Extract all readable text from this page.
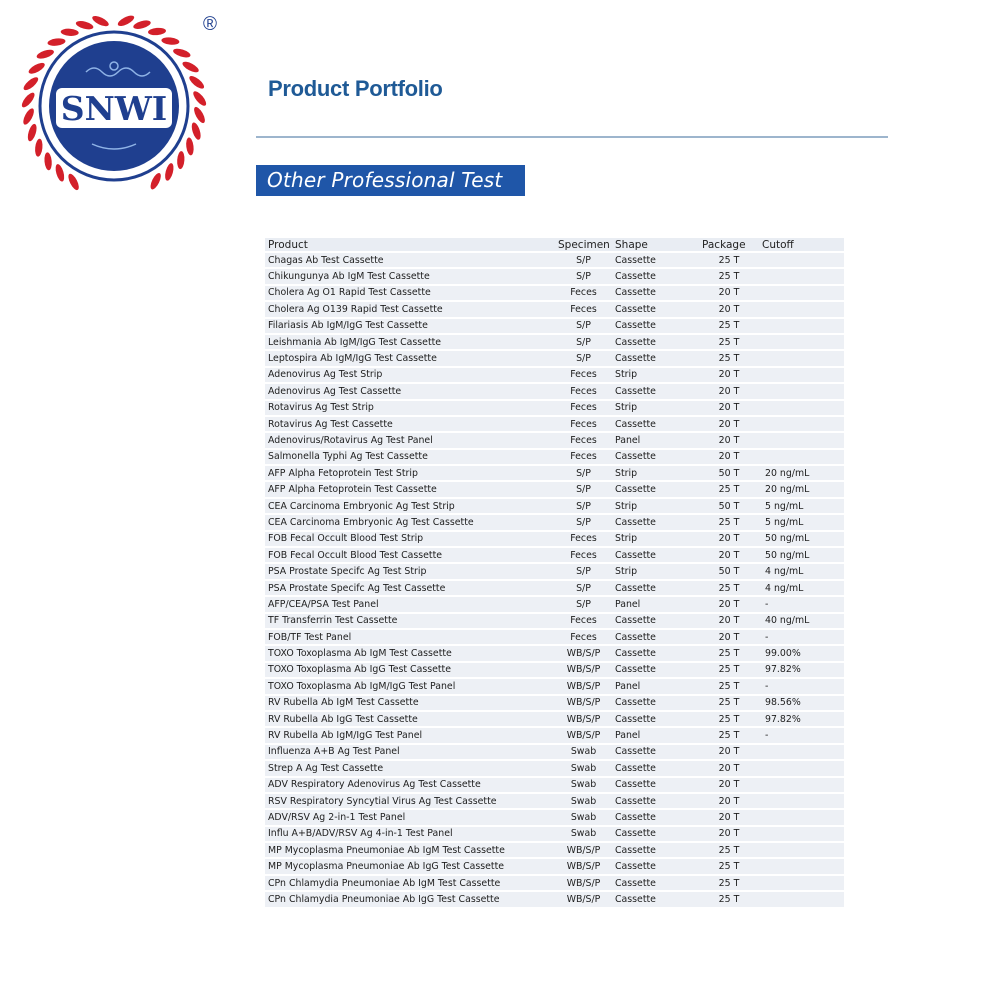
SNWI
®
Product Portfolio
Other Professional Test
Product	Specimen	Shape	Package	Cutoff
Chagas Ab Test Cassette	S/P	Cassette	25 T	
Chikungunya Ab IgM Test Cassette	S/P	Cassette	25 T	
Cholera Ag O1 Rapid Test Cassette	Feces	Cassette	20 T	
Cholera Ag O139 Rapid Test Cassette	Feces	Cassette	20 T	
Filariasis Ab IgM/IgG Test Cassette	S/P	Cassette	25 T	
Leishmania Ab IgM/IgG Test Cassette	S/P	Cassette	25 T	
Leptospira Ab IgM/IgG Test Cassette	S/P	Cassette	25 T	
Adenovirus Ag Test Strip	Feces	Strip	20 T	
Adenovirus Ag Test Cassette	Feces	Cassette	20 T	
Rotavirus Ag Test Strip	Feces	Strip	20 T	
Rotavirus Ag Test Cassette	Feces	Cassette	20 T	
Adenovirus/Rotavirus Ag Test Panel	Feces	Panel	20 T	
Salmonella Typhi Ag Test Cassette	Feces	Cassette	20 T	
AFP Alpha Fetoprotein Test Strip	S/P	Strip	50 T	20 ng/mL
AFP Alpha Fetoprotein Test Cassette	S/P	Cassette	25 T	20 ng/mL
CEA Carcinoma Embryonic Ag Test Strip	S/P	Strip	50 T	5 ng/mL
CEA Carcinoma Embryonic Ag Test Cassette	S/P	Cassette	25 T	5 ng/mL
FOB Fecal Occult Blood Test Strip	Feces	Strip	20 T	50 ng/mL
FOB Fecal Occult Blood Test Cassette	Feces	Cassette	20 T	50 ng/mL
PSA Prostate Specifc Ag Test Strip	S/P	Strip	50 T	4 ng/mL
PSA Prostate Specifc Ag Test Cassette	S/P	Cassette	25 T	4 ng/mL
AFP/CEA/PSA Test Panel	S/P	Panel	20 T	-
TF Transferrin Test Cassette	Feces	Cassette	20 T	40 ng/mL
FOB/TF Test Panel	Feces	Cassette	20 T	-
TOXO Toxoplasma Ab IgM Test Cassette	WB/S/P	Cassette	25 T	99.00%
TOXO Toxoplasma Ab IgG Test Cassette	WB/S/P	Cassette	25 T	97.82%
TOXO Toxoplasma Ab IgM/IgG Test Panel	WB/S/P	Panel	25 T	-
RV Rubella Ab IgM Test Cassette	WB/S/P	Cassette	25 T	98.56%
RV Rubella Ab IgG Test Cassette	WB/S/P	Cassette	25 T	97.82%
RV Rubella Ab IgM/IgG Test Panel	WB/S/P	Panel	25 T	-
Influenza A+B Ag Test Panel	Swab	Cassette	20 T	
Strep A Ag Test Cassette	Swab	Cassette	20 T	
ADV Respiratory Adenovirus Ag Test Cassette	Swab	Cassette	20 T	
RSV Respiratory Syncytial Virus Ag Test Cassette	Swab	Cassette	20 T	
ADV/RSV Ag 2-in-1 Test Panel	Swab	Cassette	20 T	
Influ A+B/ADV/RSV Ag 4-in-1 Test Panel	Swab	Cassette	20 T	
MP Mycoplasma Pneumoniae Ab IgM Test Cassette	WB/S/P	Cassette	25 T	
MP Mycoplasma Pneumoniae Ab IgG Test Cassette	WB/S/P	Cassette	25 T	
CPn Chlamydia Pneumoniae Ab IgM Test Cassette	WB/S/P	Cassette	25 T	
CPn Chlamydia Pneumoniae Ab IgG Test Cassette	WB/S/P	Cassette	25 T	
